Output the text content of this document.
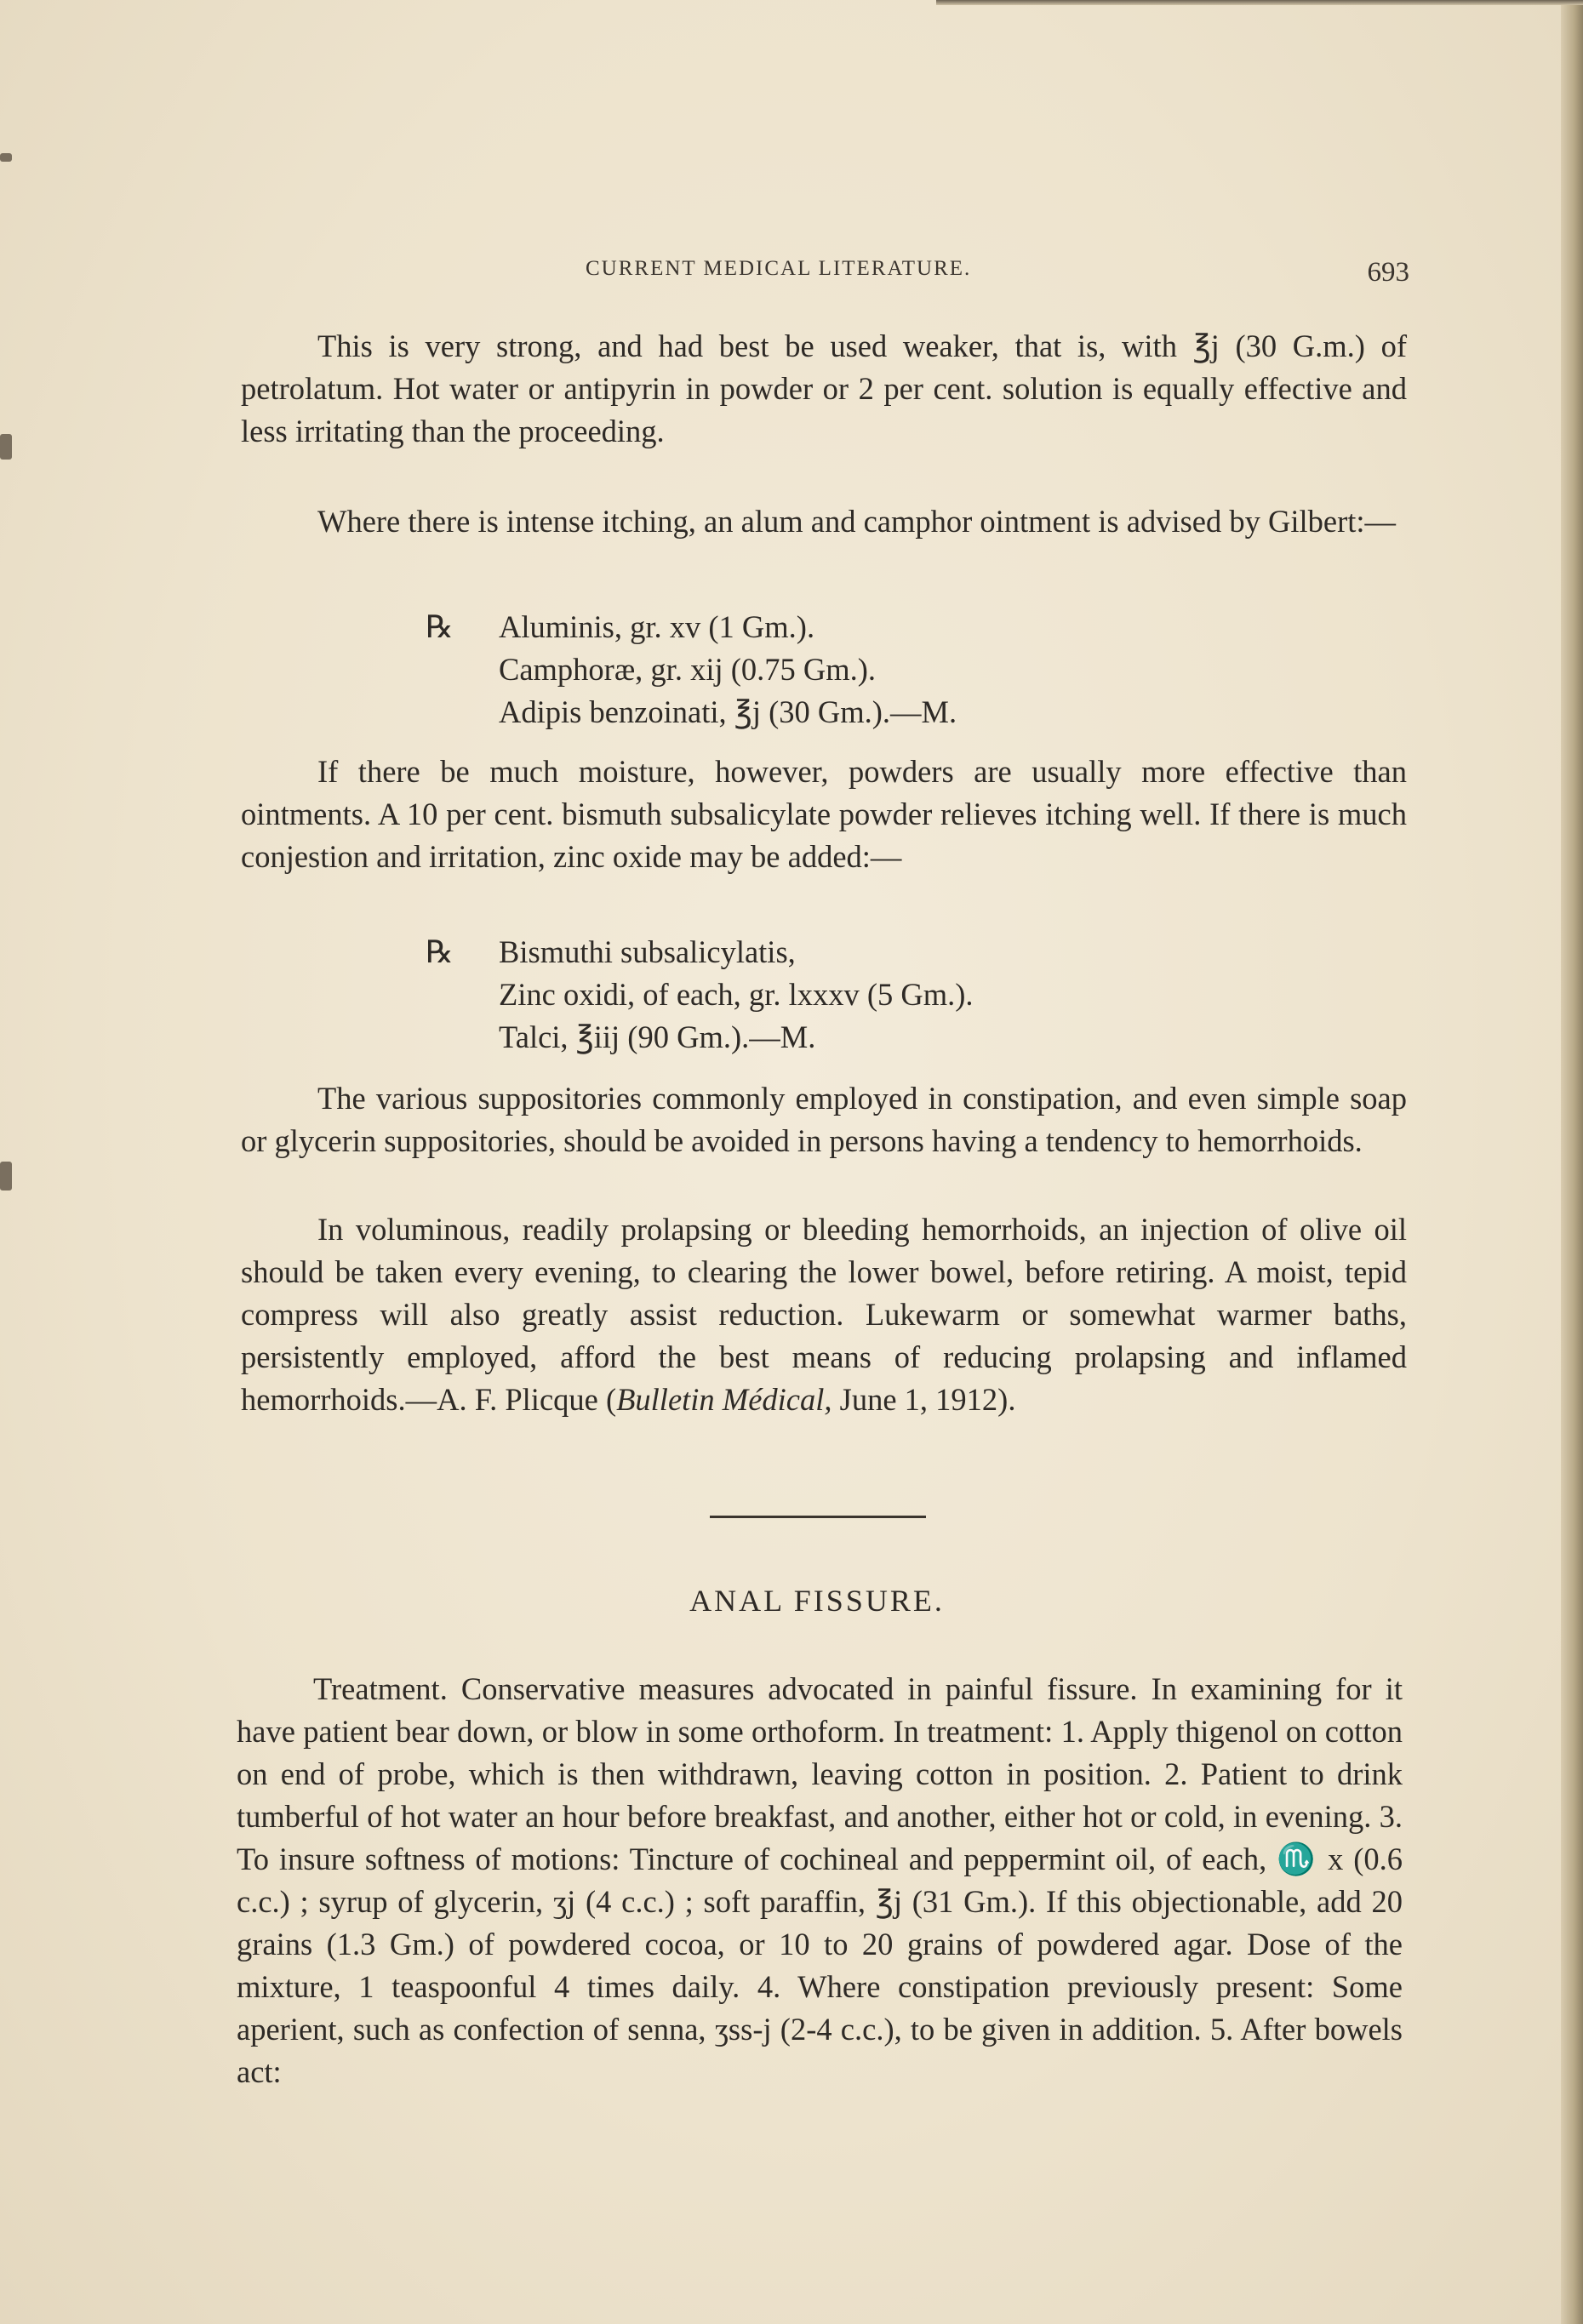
CURRENT MEDICAL LITERATURE.	693

This is very strong, and had best be used weaker, that is, with ℥j (30 G.m.) of petrolatum. Hot water or antipyrin in powder or 2 per cent. solution is equally effective and less irritating than the proceeding.

Where there is intense itching, an alum and camphor ointment is advised by Gilbert:—

℞ Aluminis, gr. xv (1 Gm.).
Camphoræ, gr. xij (0.75 Gm.).
Adipis benzoinati, ℥j (30 Gm.).—M.

If there be much moisture, however, powders are usually more effective than ointments. A 10 per cent. bismuth subsalicylate powder relieves itching well. If there is much conjestion and irritation, zinc oxide may be added:—

℞ Bismuthi subsalicylatis,
Zinc oxidi, of each, gr. lxxxv (5 Gm.).
Talci, ℥iij (90 Gm.).—M.

The various suppositories commonly employed in constipation, and even simple soap or glycerin suppositories, should be avoided in persons having a tendency to hemorrhoids.

In voluminous, readily prolapsing or bleeding hemorrhoids, an injection of olive oil should be taken every evening, to clearing the lower bowel, before retiring. A moist, tepid compress will also greatly assist reduction. Lukewarm or somewhat warmer baths, persistently employed, afford the best means of reducing prolapsing and inflamed hemorrhoids.—A. F. Plicque (Bulletin Médical, June 1, 1912).

ANAL FISSURE.

Treatment. Conservative measures advocated in painful fissure. In examining for it have patient bear down, or blow in some orthoform. In treatment: 1. Apply thigenol on cotton on end of probe, which is then withdrawn, leaving cotton in position. 2. Patient to drink tumberful of hot water an hour before breakfast, and another, either hot or cold, in evening. 3. To insure softness of motions: Tincture of cochineal and peppermint oil, of each, ♏ x (0.6 c.c.) ; syrup of glycerin, ʒj (4 c.c.) ; soft paraffin, ℥j (31 Gm.). If this objectionable, add 20 grains (1.3 Gm.) of powdered cocoa, or 10 to 20 grains of powdered agar. Dose of the mixture, 1 teaspoonful 4 times daily. 4. Where constipation previously present: Some aperient, such as confection of senna, ʒss-j (2-4 c.c.), to be given in addition. 5. After bowels act:
